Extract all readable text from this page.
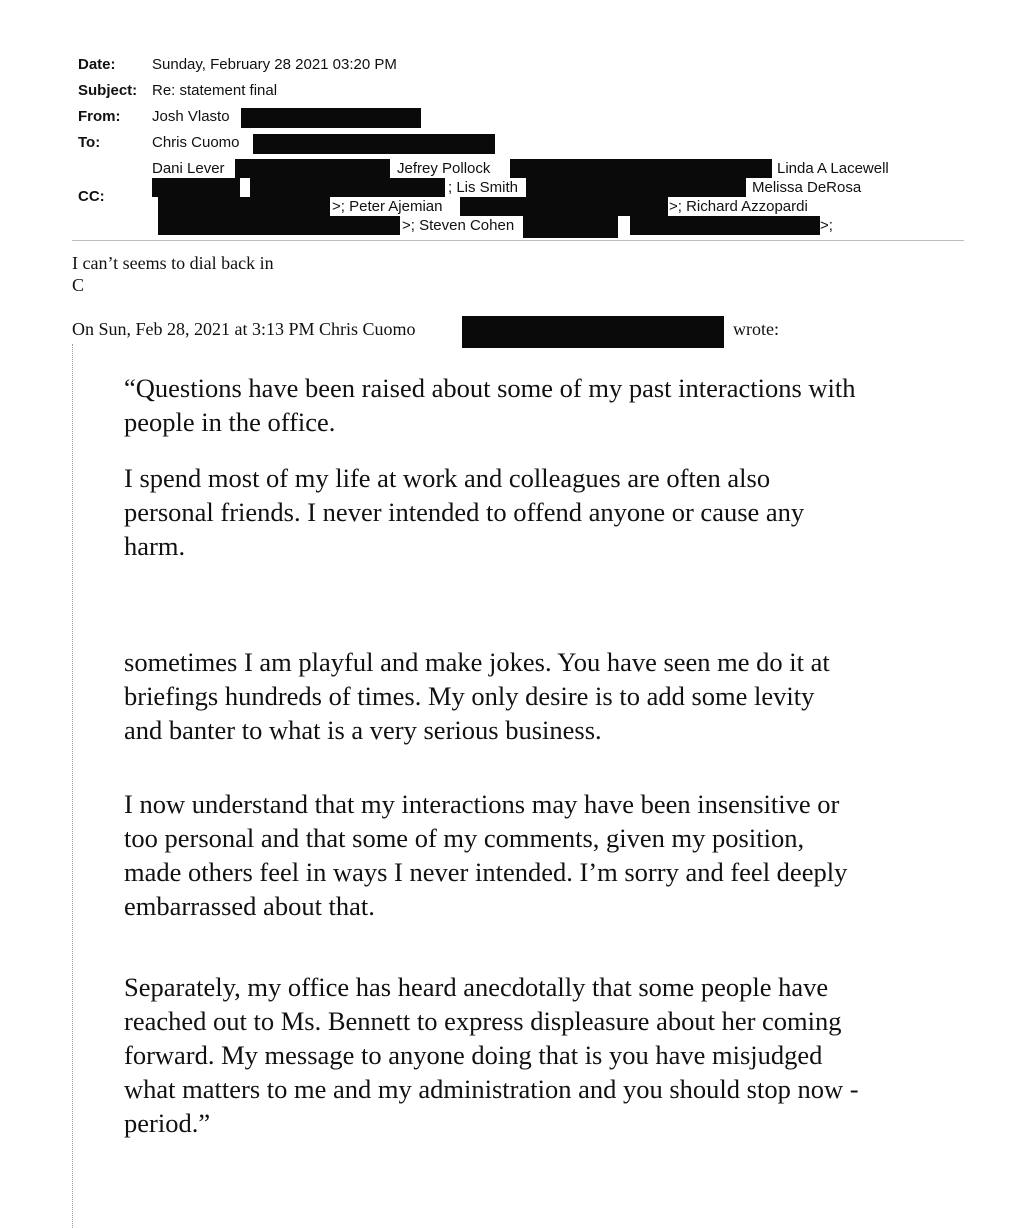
Date: Sunday, February 28 2021 03:20 PM
Subject: Re: statement final
From: Josh Vlasto
To:	Chris Cuomo
CC:
Dani Lever	Jefrey Pollock	Linda A Lacewell
; Lis Smith	Melissa DeRosa
>; Peter Ajemian	>; Richard Azzopardi
>; Steven Cohen	>;
I can’t seems to dial back in
C
On Sun, Feb 28, 2021 at 3:13 PM Chris Cuomo	wrote:
“Questions have been raised about some of my past interactions with
people in the office.
I spend most of my life at work and colleagues are often also
personal friends. I never intended to offend anyone or cause any
harm.
sometimes I am playful and make jokes. You have seen me do it at
briefings hundreds of times. My only desire is to add some levity
and banter to what is a very serious business.
I now understand that my interactions may have been insensitive or
too personal and that some of my comments, given my position,
made others feel in ways I never intended. I’m sorry and feel deeply
embarrassed about that.
Separately, my office has heard anecdotally that some people have
reached out to Ms. Bennett to express displeasure about her coming
forward. My message to anyone doing that is you have misjudged
what matters to me and my administration and you should stop now -
period.”
